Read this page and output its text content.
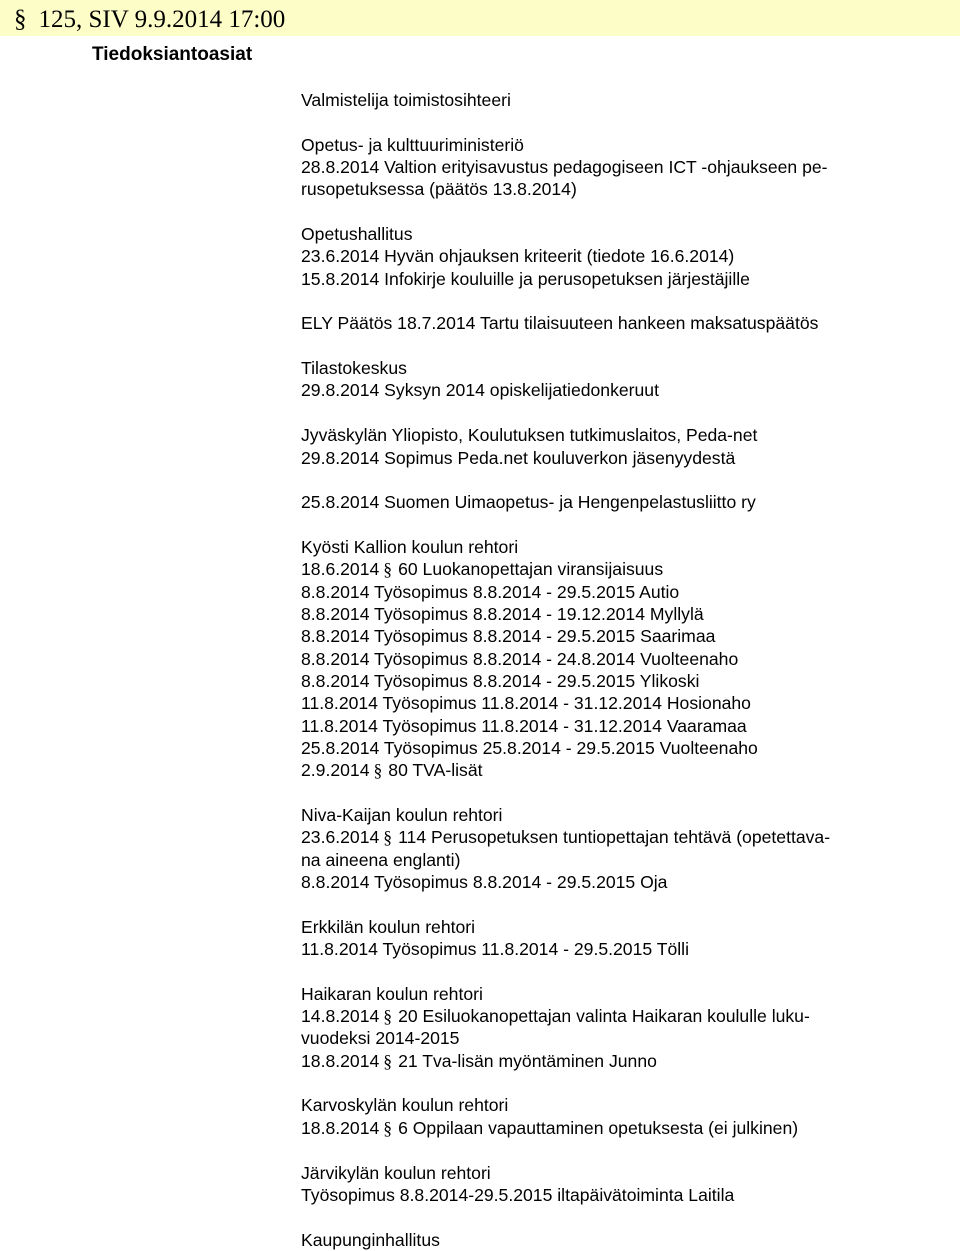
§ 125, SIV 9.9.2014 17:00
Tiedoksiantoasiat
Valmistelija toimistosihteeri
Opetus- ja kulttuuriministeriö
28.8.2014 Valtion erityisavustus pedagogiseen ICT -ohjaukseen pe-
rusopetuksessa (päätös 13.8.2014)
Opetushallitus
23.6.2014 Hyvän ohjauksen kriteerit (tiedote 16.6.2014)
15.8.2014 Infokirje kouluille ja perusopetuksen järjestäjille
ELY Päätös 18.7.2014 Tartu tilaisuuteen hankeen maksatuspäätös
Tilastokeskus
29.8.2014 Syksyn 2014 opiskelijatiedonkeruut
Jyväskylän Yliopisto, Koulutuksen tutkimuslaitos, Peda-net
29.8.2014 Sopimus Peda.net kouluverkon jäsenyydestä
25.8.2014 Suomen Uimaopetus- ja Hengenpelastusliitto ry
Kyösti Kallion koulun rehtori
18.6.2014 § 60 Luokanopettajan viransijaisuus
8.8.2014 Työsopimus 8.8.2014 - 29.5.2015 Autio
8.8.2014 Työsopimus 8.8.2014 - 19.12.2014 Myllylä
8.8.2014 Työsopimus 8.8.2014 - 29.5.2015 Saarimaa
8.8.2014 Työsopimus 8.8.2014 - 24.8.2014 Vuolteenaho
8.8.2014 Työsopimus 8.8.2014 - 29.5.2015 Ylikoski
11.8.2014 Työsopimus 11.8.2014 - 31.12.2014 Hosionaho
11.8.2014 Työsopimus 11.8.2014 - 31.12.2014 Vaaramaa
25.8.2014 Työsopimus 25.8.2014 - 29.5.2015 Vuolteenaho
2.9.2014 § 80 TVA-lisät
Niva-Kaijan koulun rehtori
23.6.2014 § 114 Perusopetuksen tuntiopettajan tehtävä (opetettava-
na aineena englanti)
8.8.2014 Työsopimus 8.8.2014 - 29.5.2015 Oja
Erkkilän koulun rehtori
11.8.2014 Työsopimus 11.8.2014 - 29.5.2015 Tölli
Haikaran koulun rehtori
14.8.2014 § 20 Esiluokanopettajan valinta Haikaran koululle luku-
vuodeksi 2014-2015
18.8.2014 § 21 Tva-lisän myöntäminen Junno
Karvoskylän koulun rehtori
18.8.2014 § 6 Oppilaan vapauttaminen opetuksesta (ei julkinen)
Järvikylän koulun rehtori
Työsopimus 8.8.2014-29.5.2015 iltapäivätoiminta Laitila
Kaupunginhallitus
